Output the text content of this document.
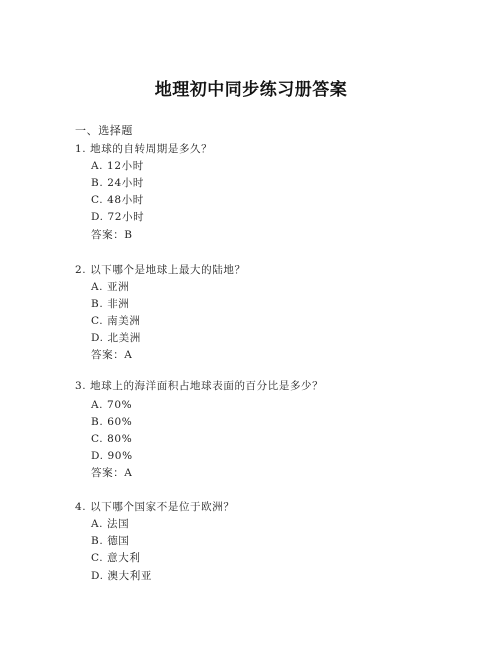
地理初中同步练习册答案
一、选择题
1. 地球的自转周期是多久？
A. 12小时
B. 24小时
C. 48小时
D. 72小时
答案：B
2. 以下哪个是地球上最大的陆地？
A. 亚洲
B. 非洲
C. 南美洲
D. 北美洲
答案：A
3. 地球上的海洋面积占地球表面的百分比是多少？
A. 70%
B. 60%
C. 80%
D. 90%
答案：A
4. 以下哪个国家不是位于欧洲？
A. 法国
B. 德国
C. 意大利
D. 澳大利亚
